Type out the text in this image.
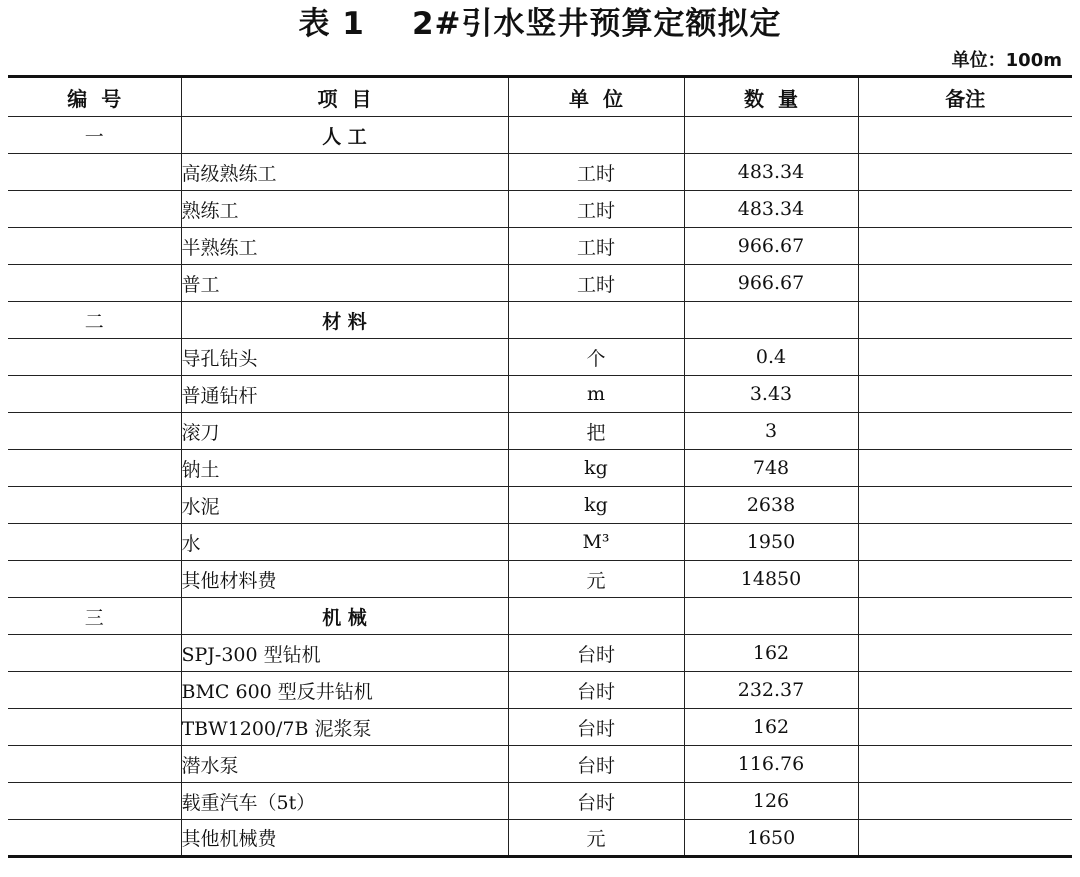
表 1    2#引水竖井预算定额拟定
单位：100m
编  号	项  目	单  位	数  量	备注
一	人 工			
	高级熟练工	工时	483.34	
	熟练工	工时	483.34	
	半熟练工	工时	966.67	
	普工	工时	966.67	
二	材 料			
	导孔钻头	个	0.4	
	普通钻杆	m	3.43	
	滚刀	把	3	
	钠土	kg	748	
	水泥	kg	2638	
	水	M³	1950	
	其他材料费	元	14850	
三	机 械			
	SPJ-300 型钻机	台时	162	
	BMC 600 型反井钻机	台时	232.37	
	TBW1200/7B 泥浆泵	台时	162	
	潜水泵	台时	116.76	
	载重汽车（5t）	台时	126	
	其他机械费	元	1650	
